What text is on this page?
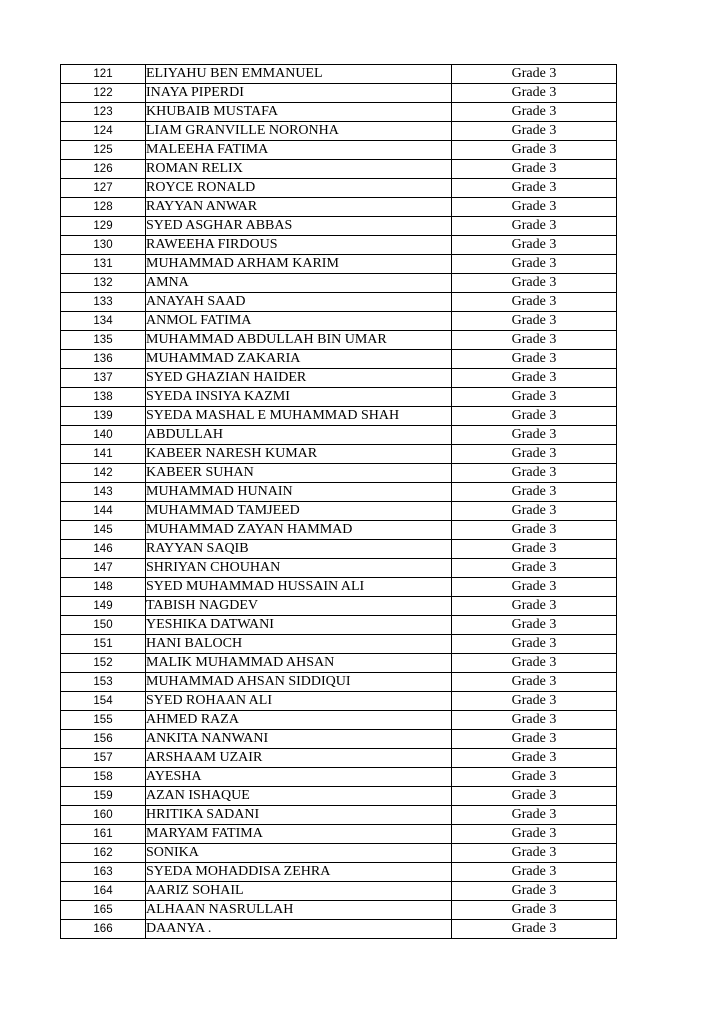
121	ELIYAHU BEN EMMANUEL	Grade 3
122	INAYA PIPERDI	Grade 3
123	KHUBAIB MUSTAFA	Grade 3
124	LIAM GRANVILLE NORONHA	Grade 3
125	MALEEHA FATIMA	Grade 3
126	ROMAN RELIX	Grade 3
127	ROYCE RONALD	Grade 3
128	RAYYAN ANWAR	Grade 3
129	SYED ASGHAR ABBAS	Grade 3
130	RAWEEHA FIRDOUS	Grade 3
131	MUHAMMAD ARHAM KARIM	Grade 3
132	AMNA	Grade 3
133	ANAYAH SAAD	Grade 3
134	ANMOL FATIMA	Grade 3
135	MUHAMMAD ABDULLAH BIN UMAR	Grade 3
136	MUHAMMAD ZAKARIA	Grade 3
137	SYED GHAZIAN HAIDER	Grade 3
138	SYEDA INSIYA KAZMI	Grade 3
139	SYEDA MASHAL E MUHAMMAD SHAH	Grade 3
140	ABDULLAH	Grade 3
141	KABEER NARESH KUMAR	Grade 3
142	KABEER SUHAN	Grade 3
143	MUHAMMAD HUNAIN	Grade 3
144	MUHAMMAD TAMJEED	Grade 3
145	MUHAMMAD ZAYAN HAMMAD	Grade 3
146	RAYYAN SAQIB	Grade 3
147	SHRIYAN CHOUHAN	Grade 3
148	SYED MUHAMMAD HUSSAIN ALI	Grade 3
149	TABISH NAGDEV	Grade 3
150	YESHIKA DATWANI	Grade 3
151	HANI BALOCH	Grade 3
152	MALIK MUHAMMAD AHSAN	Grade 3
153	MUHAMMAD AHSAN SIDDIQUI	Grade 3
154	SYED ROHAAN ALI	Grade 3
155	AHMED RAZA	Grade 3
156	ANKITA NANWANI	Grade 3
157	ARSHAAM UZAIR	Grade 3
158	AYESHA	Grade 3
159	AZAN ISHAQUE	Grade 3
160	HRITIKA SADANI	Grade 3
161	MARYAM FATIMA	Grade 3
162	SONIKA	Grade 3
163	SYEDA MOHADDISA ZEHRA	Grade 3
164	AARIZ SOHAIL	Grade 3
165	ALHAAN NASRULLAH	Grade 3
166	DAANYA .	Grade 3
